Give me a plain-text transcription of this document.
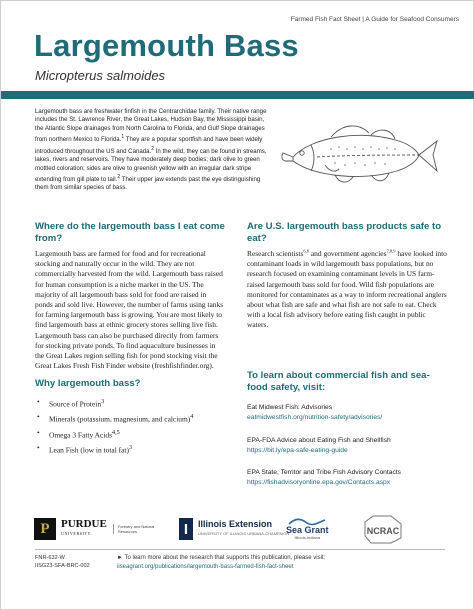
Farmed Fish Fact Sheet | A Guide for Seafood Consumers
Largemouth Bass
Micropterus salmoides
Largemouth bass are freshwater finfish in the Centrarchidae family. Their native range includes the St. Lawrence River, the Great Lakes, Hudson Bay, the Mississippi basin, the Atlantic Slope drainages from North Carolina to Florida, and Gulf Slope drainages from northern Mexico to Florida.$^1$ They are a popular sportfish and have been widely introduced throughout the US and Canada.$^2$ In the wild, they can be found in streams, lakes, rivers and reservoirs. They have moderately deep bodies; dark olive to green mottled coloration; sides are olive to greenish yellow with an irregular dark stripe extending from gill plate to tail.$^2$ Their upper jaw extends past the eye distinguishing them from similar species of bass.
Where do the largemouth bass I eat come from?
Largemouth bass are farmed for food and for recreational stocking and naturally occur in the wild. They are not commercially harvested from the wild. Largemouth bass raised for human consumption is a niche market in the US. The majority of all largemouth bass sold for food are raised in ponds and sold live. However, the number of farms using tanks for farming largemouth bass is growing. You are most likely to find largemouth bass at ethnic grocery stores selling live fish. Largemouth bass can also be purchased directly from farmers for stocking private ponds. To find aquaculture businesses in the Great Lakes region selling fish for pond stocking visit the Great Lakes Fresh Fish Finder website (freshfishfinder.org).
Why largemouth bass?
• Source of Protein$^3$
• Minerals (potassium, magnesium, and calcium)$^4$
• Omega 3 Fatty Acids$^{4,5}$
• Lean Fish (low in total fat)$^3$
Are U.S. largemouth bass products safe to eat?
Research scientists$^{6,8}$ and government agencies$^{7,8,9}$ have looked into contaminant loads in wild largemouth bass populations, but no research focused on examining contaminant levels in US farm-raised largemouth bass sold for food. Wild fish populations are monitored for contaminates as a way to inform recreational anglers about what fish are safe and what fish are not safe to eat. Check with a local fish advisory before eating fish caught in public waters.
To learn about commercial fish and sea-food safety, visit:
Eat Midwest Fish: Advisories
eatmidwestfish.org/nutrition-safety/advisories/
EPA-FDA Advice about Eating Fish and Shellfish
https://bit.ly/epa-safe-eating-guide
EPA State, Territor and Tribe Fish Advisory Contacts
https://fishadvisoryonline.epa.gov/Contacts.aspx
P	PURDUE
UNIVERSITY.
Forestry and Natural Resources	I	Illinois Extension
UNIVERSITY OF ILLINOIS URBANA-CHAMPAIGN
Sea Grant
Illinois-Indiana
NCRAC
FNR-632-W
IISG23-SFA-BRC-002
► To learn more about the research that supports this publication, please visit:
iiseagrant.org/publications/largemouth-bass-farmed-fish-fact-sheet
